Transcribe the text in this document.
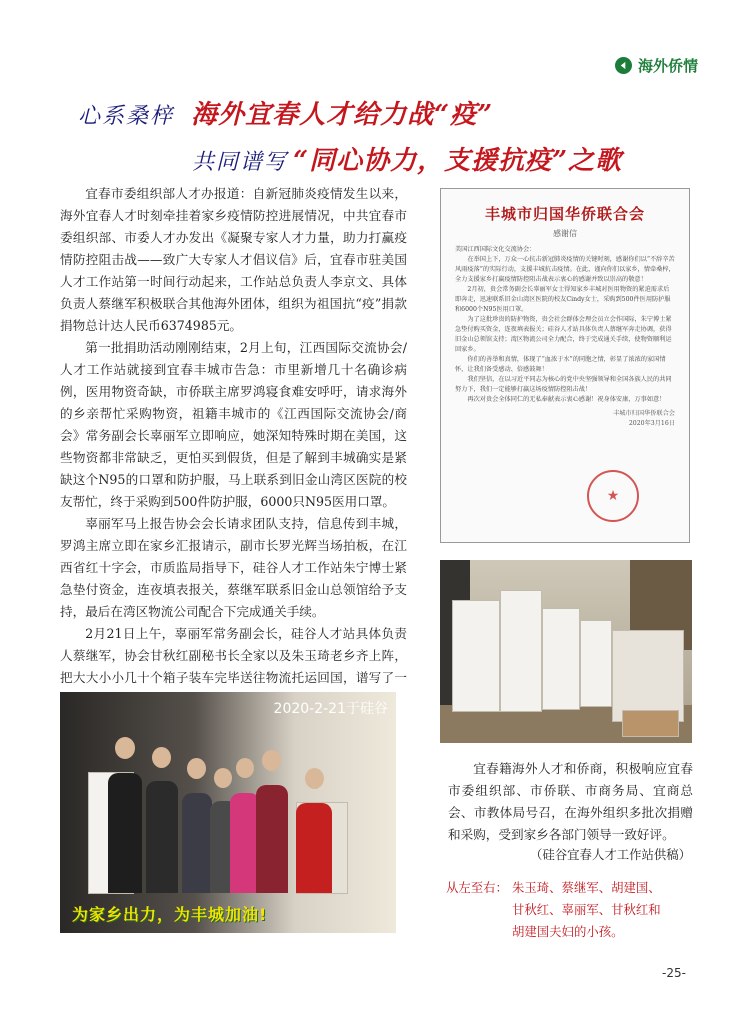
海外侨情
心系桑梓 海外宜春人才给力战“疫”
共同谱写 “同心协力，支援抗疫”之歌

宜春市委组织部人才办报道：自新冠肺炎疫情发生以来，海外宜春人才时刻牵挂着家乡疫情防控进展情况，中共宜春市委组织部、市委人才办发出《凝聚专家人才力量，助力打赢疫情防控阻击战——致广大专家人才倡议信》后，宜春市驻美国人才工作站第一时间行动起来，工作站总负责人李京文、具体负责人蔡继军积极联合其他海外团体，组织为祖国抗“疫”捐款捐物总计达人民币6374985元。

第一批捐助活动刚刚结束，2月上旬，江西国际交流协会/人才工作站就接到宜春丰城市告急：市里新增几十名确诊病例，医用物资奇缺，市侨联主席罗鸿寝食难安呼吁，请求海外的乡亲帮忙采购物资，祖籍丰城市的《江西国际交流协会/商会》常务副会长辜丽军立即响应，她深知特殊时期在美国，这些物资都非常缺乏，更怕买到假货，但是了解到丰城确实是紧缺这个N95的口罩和防护服，马上联系到旧金山湾区医院的校友帮忙，终于采购到500件防护服，6000只N95医用口罩。

辜丽军马上报告协会会长请求团队支持，信息传到丰城，罗鸿主席立即在家乡汇报请示，副市长罗光辉当场拍板，在江西省红十字会，市质监局指导下，硅谷人才工作站朱宁博士紧急垫付资金，连夜填表报关，蔡继军联系旧金山总领馆给予支持，最后在湾区物流公司配合下完成通关手续。

2月21日上午，辜丽军常务副会长，硅谷人才站具体负责人蔡继军，协会甘秋红副秘书长全家以及朱玉琦老乡齐上阵，把大大小小几十个箱子装车完毕送往物流托运回国，谱写了一

丰城市归国华侨联合会
感谢信
美国江西国际文化交流协会：

在举国上下，万众一心抗击新冠肺炎疫情的关键时刻，感谢你们以“不辞辛苦 风雨疫落”的实际行动，支援丰城抗击疫情。在此，谨向你们以家乡，情牵桑梓，全力支援家乡打赢疫情防控阻击战表示衷心的感谢并致以崇高的敬意！

2月初，贵会常务副会长辜丽军女士得知家乡丰城对医用物资的紧迫需求后即奔走，迅速联系旧金山湾区医院的校友Cindy女士，采购到500件医用防护服和6000个N95医用口罩。

为了这批珍贵的防护物资，贵会社会群体会理会员立会作国际，朱宁博士紧急垫付购买资金，连夜填表报关；硅谷人才站具体负责人蔡继军奔走协调，获得旧金山总领馆支持；湾区物流公司全力配合，终于完成通关手续，使物资顺利运回家乡。

你们的善举和真情，体现了“血浓于水”的同胞之情，彰显了浓浓的家国情怀，让我们备受感动、倍感鼓舞！

我们坚信，在以习近平同志为核心的党中央坚强领导和全国各族人民的共同努力下，我们一定能够打赢这场疫情防控阻击战！

再次对贵会全体同仁的无私奉献表示衷心感谢！祝身体安康，万事如意！

丰城市归国华侨联合会
2020年3月16日
★

宜春籍海外人才和侨商，积极响应宜春市委组织部、市侨联、市商务局、宜商总会、市教体局号召，在海外组织多批次捐赠和采购，受到家乡各部门领导一致好评。

（硅谷宜春人才工作站供稿）
从左至右： 朱玉琦、蔡继军、胡建国、
甘秋红、辜丽军、甘秋红和
胡建国夫妇的小孩。
2020-2-21于硅谷
为家乡出力，为丰城加油!
-25-
